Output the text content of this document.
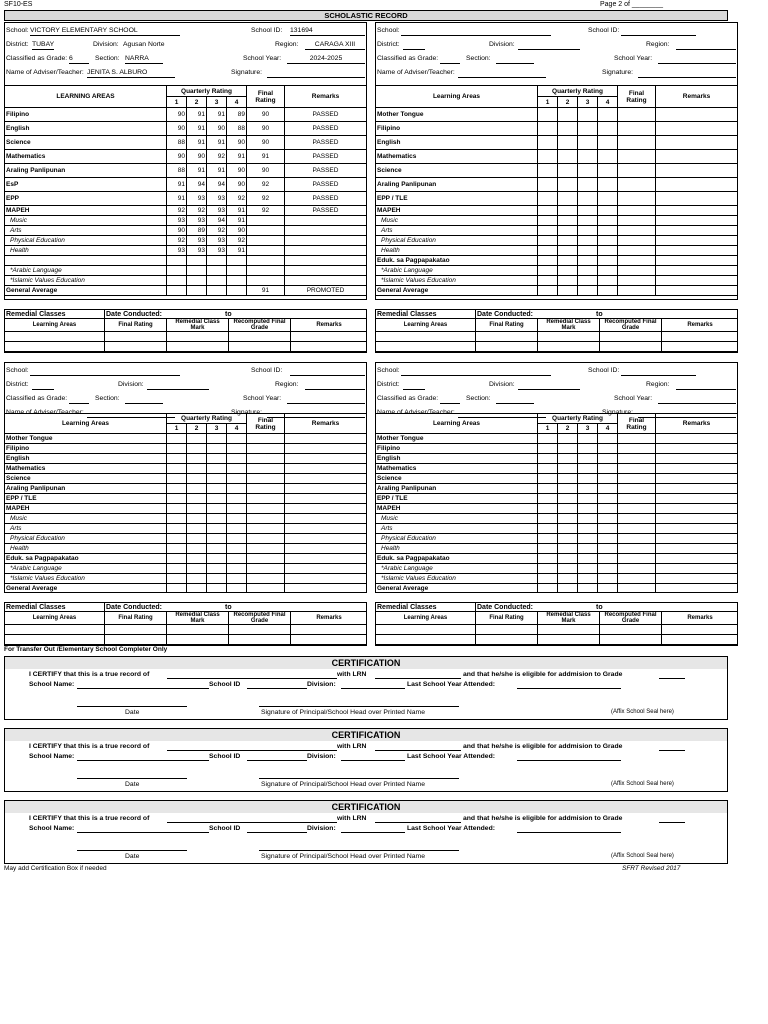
SF10-ES	Page 2 of ________
SCHOLASTIC RECORD
School: VICTORY ELEMENTARY SCHOOL	School ID: 131694
District: TUBAY	Division: Agusan Norte	Region:	CARAGA XIII
Classified as Grade: 6	Section: NARRA	School Year:	2024-2025
Name of Adviser/Teacher: JENITA S. ALBURO	Signature:
LEARNING AREAS	Quarterly Rating				Final Rating	Remarks
	1	2	3	4		
Filipino	90	91	91	89	90	PASSED
English	90	91	90	88	90	PASSED
Science	88	91	91	90	90	PASSED
Mathematics	90	90	92	91	91	PASSED
Araling Panlipunan	88	91	91	90	90	PASSED
EsP	91	94	94	90	92	PASSED
EPP	91	93	93	92	92	PASSED
MAPEH	92	92	93	91	92	PASSED
Music	93	93	94	91		
Arts	90	89	92	90		
Physical Education	92	93	93	92		
Health	93	93	93	91		

*Arabic Language						
*Islamic Values Education						
General Average					91	PROMOTED
School:	School ID:
District:	Division:	Region:
Classified as Grade:	Section:	School Year:
Name of Adviser/Teacher:	Signature:
Learning Areas	Quarterly Rating				Final Rating	Remarks
	1	2	3	4		
Mother Tongue						
Filipino						
English						
Mathematics						
Science						
Araling Panlipunan						
EPP / TLE						
MAPEH						
Music						
Arts						
Physical Education						
Health						
Eduk. sa Pagpapakatao						
*Arabic Language						
*Islamic Values Education						
General Average						
Remedial Classes	Date Conducted: to			

Learning Areas	Final Rating	Remedial Class Mark	Recomputed Final Grade	Remarks

Remedial Classes	Date Conducted: to			

Learning Areas	Final Rating	Remedial Class Mark	Recomputed Final Grade	Remarks

School:	School ID:
District:	Division:	Region:
Classified as Grade:	Section:	School Year:
Name of Adviser/Teacher:	Signature:
Learning Areas	Quarterly Rating				Final Rating	Remarks
	1	2	3	4		
Mother Tongue						
Filipino						
English						
Mathematics						
Science						
Araling Panlipunan						
EPP / TLE						
MAPEH						
Music						
Arts						
Physical Education						
Health						
Eduk. sa Pagpapakatao						
*Arabic Language						
*Islamic Values Education						
General Average						
School:	School ID:
District:	Division:	Region:
Classified as Grade:	Section:	School Year:
Name of Adviser/Teacher:	Signature:
Learning Areas	Quarterly Rating				Final Rating	Remarks
	1	2	3	4		
Mother Tongue						
Filipino						
English						
Mathematics						
Science						
Araling Panlipunan						
EPP / TLE						
MAPEH						
Music						
Arts						
Physical Education						
Health						
Eduk. sa Pagpapakatao						
*Arabic Language						
*Islamic Values Education						
General Average						
Remedial Classes	Date Conducted: to			

Learning Areas	Final Rating	Remedial Class Mark	Recomputed Final Grade	Remarks

Remedial Classes	Date Conducted: to			

Learning Areas	Final Rating	Remedial Class Mark	Recomputed Final Grade	Remarks

CERTIFICATION
I CERTIFY that this is a true record of	with LRN	and that he/she is eligible for addmision to Grade
School Name:	School ID	Division:	Last School Year Attended:
Date	Signature of Principal/School Head over Printed Name	(Affix School Seal here)
CERTIFICATION
I CERTIFY that this is a true record of	with LRN	and that he/she is eligible for addmision to Grade
School Name:	School ID	Division:	Last School Year Attended:
Date	Signature of Principal/School Head over Printed Name	(Affix School Seal here)
CERTIFICATION
I CERTIFY that this is a true record of	with LRN	and that he/she is eligible for addmision to Grade
School Name:	School ID	Division:	Last School Year Attended:
Date	Signature of Principal/School Head over Printed Name	(Affix School Seal here)
For Transfer Out /Elementary School Completer Only
May add Certification Box if needed	SFRT Revised 2017
